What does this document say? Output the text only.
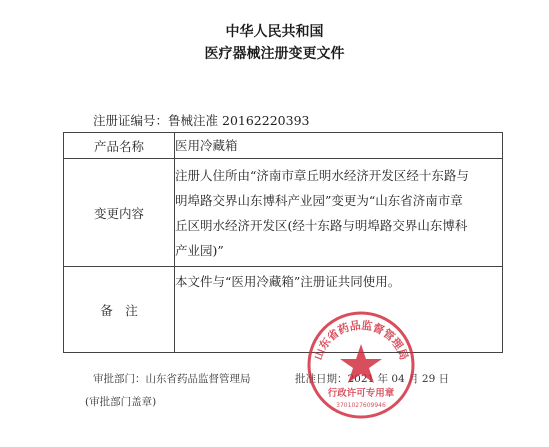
中华人民共和国
医疗器械注册变更文件
注册证编号：鲁械注准 20162220393
产品名称	医用冷藏箱
变更内容	注册人住所由“济南市章丘明水经济开发区经十东路与
明埠路交界山东博科产业园”变更为“山东省济南市章
丘区明水经济开发区(经十东路与明埠路交界山东博科
产业园)”

备　注	本文件与“医用冷藏箱”注册证共同使用。
审批部门：山东省药品监督管理局	批准日期：2021 年 04 月 29 日
(审批部门盖章)
山东省药品监督管理局
行政许可专用章
3701027609946
